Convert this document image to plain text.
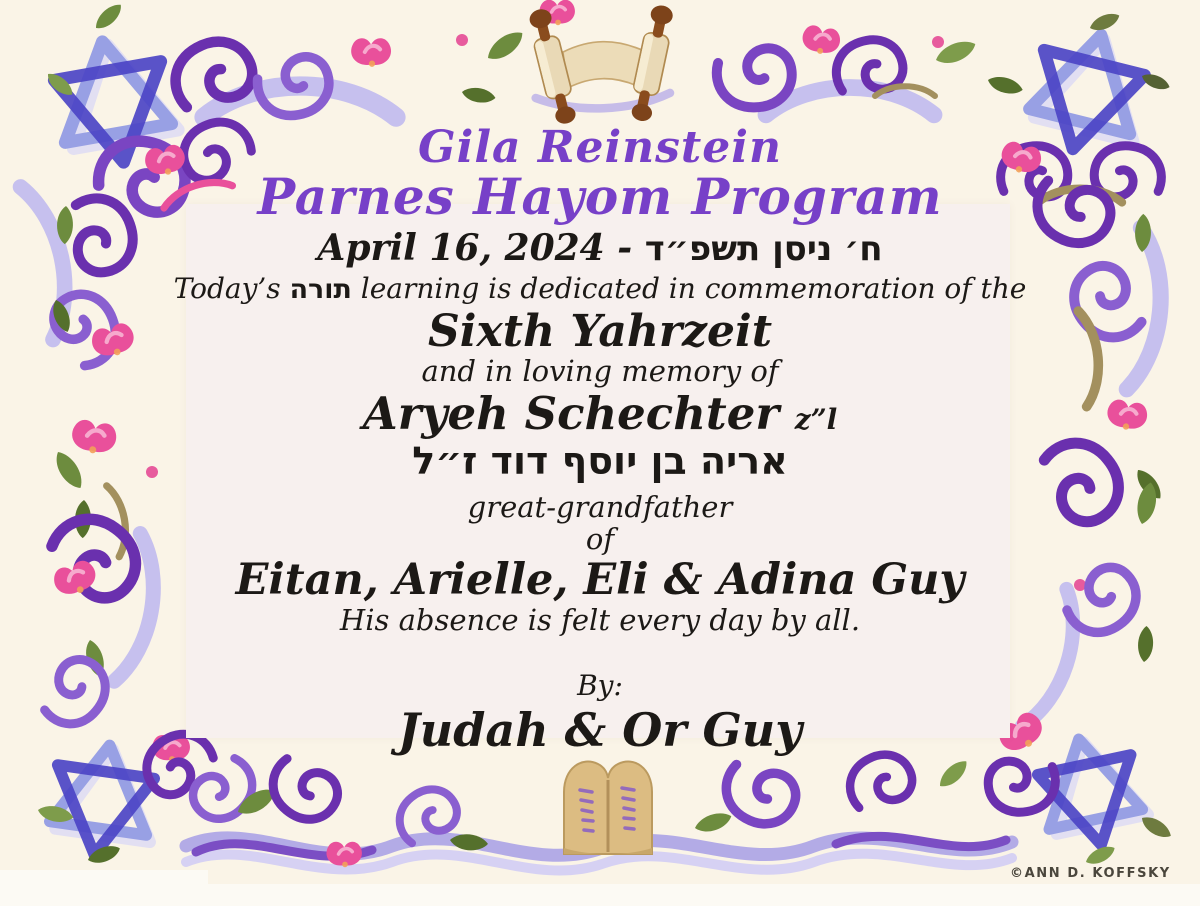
Gila Reinstein
Parnes Hayom Program
April 16, 2024 - ח׳ ניסן תשפ״ד
Today’s תורה learning is dedicated in commemoration of the
Sixth Yahrzeit
and in loving memory of
Aryeh Schechter z”l
אריה בן יוסף דוד ז״ל
great-grandfather
of
Eitan, Arielle, Eli & Adina Guy
His absence is felt every day by all.
By:
Judah & Or Guy
©ANN D. KOFFSKY
